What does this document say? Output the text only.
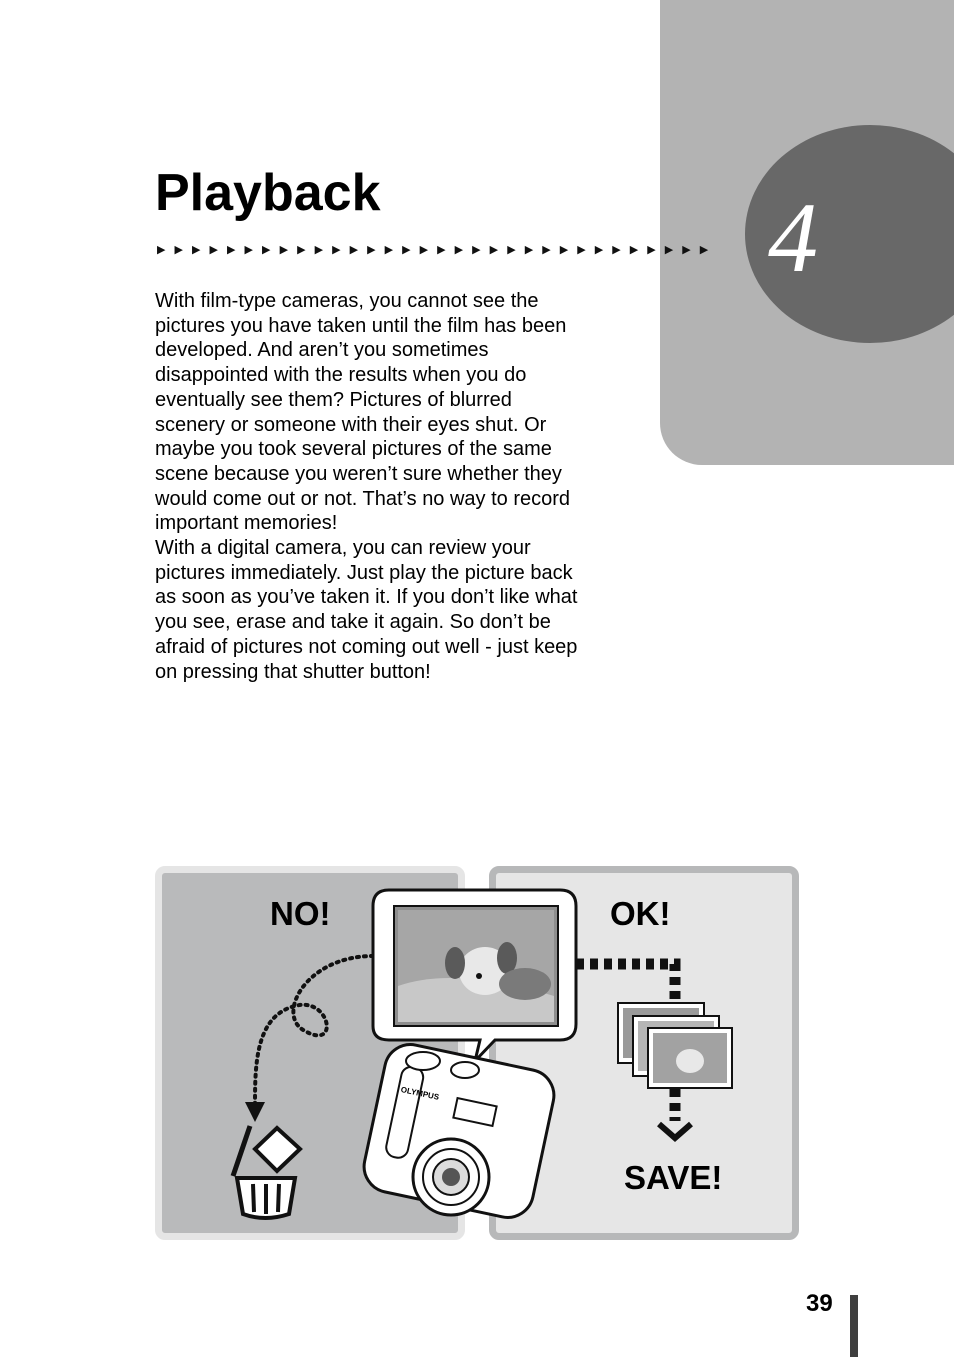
4
Playback
▶▶▶▶▶▶▶▶▶▶▶▶▶▶▶▶▶▶▶▶▶▶▶▶▶▶▶▶▶▶▶▶

With film-type cameras, you cannot see the pictures you have taken until the film has been developed. And aren’t you sometimes disappointed with the results when you do eventually see them? Pictures of blurred scenery or someone with their eyes shut. Or maybe you took several pictures of the same scene because you weren’t sure whether they would come out or not. That’s no way to record important memories!

With a digital camera, you can review your pictures immediately. Just play the picture back as soon as you’ve taken it. If you don’t like what you see, erase and take it again. So don’t be afraid of pictures not coming out well - just keep on pressing that shutter button!

OLYMPUS
NO!	OK!
SAVE!
39
